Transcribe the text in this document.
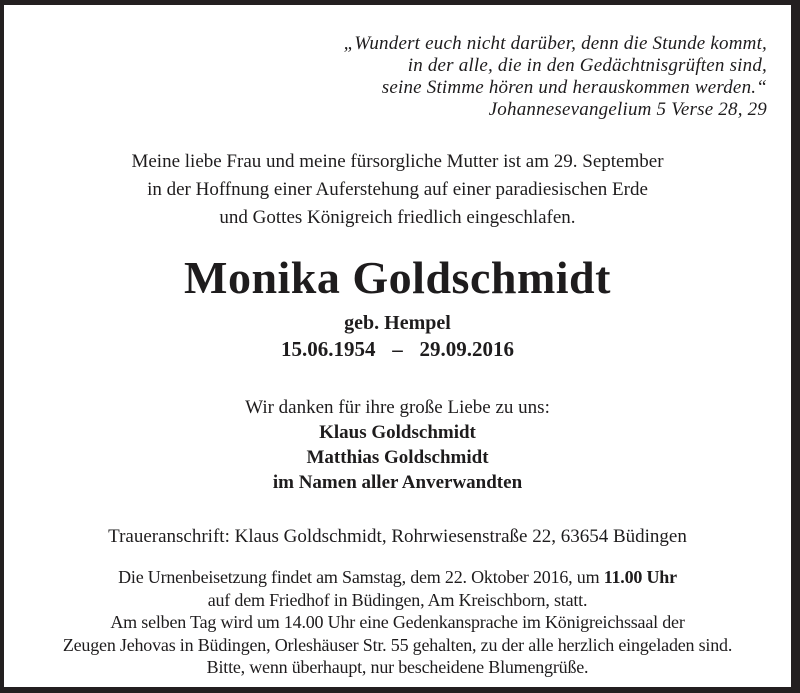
„Wundert euch nicht darüber, denn die Stunde kommt,
in der alle, die in den Gedächtnisgrüften sind,
seine Stimme hören und herauskommen werden.“
Johannesevangelium 5 Verse 28, 29
Meine liebe Frau und meine fürsorgliche Mutter ist am 29. September
in der Hoffnung einer Auferstehung auf einer paradiesischen Erde
und Gottes Königreich friedlich eingeschlafen.
Monika Goldschmidt
geb. Hempel
15.06.1954 – 29.09.2016
Wir danken für ihre große Liebe zu uns:
Klaus Goldschmidt
Matthias Goldschmidt
im Namen aller Anverwandten
Traueranschrift: Klaus Goldschmidt, Rohrwiesenstraße 22, 63654 Büdingen
Die Urnenbeisetzung findet am Samstag, dem 22. Oktober 2016, um 11.00 Uhr
auf dem Friedhof in Büdingen, Am Kreischborn, statt.
Am selben Tag wird um 14.00 Uhr eine Gedenkansprache im Königreichssaal der
Zeugen Jehovas in Büdingen, Orleshäuser Str. 55 gehalten, zu der alle herzlich eingeladen sind.
Bitte, wenn überhaupt, nur bescheidene Blumengrüße.
